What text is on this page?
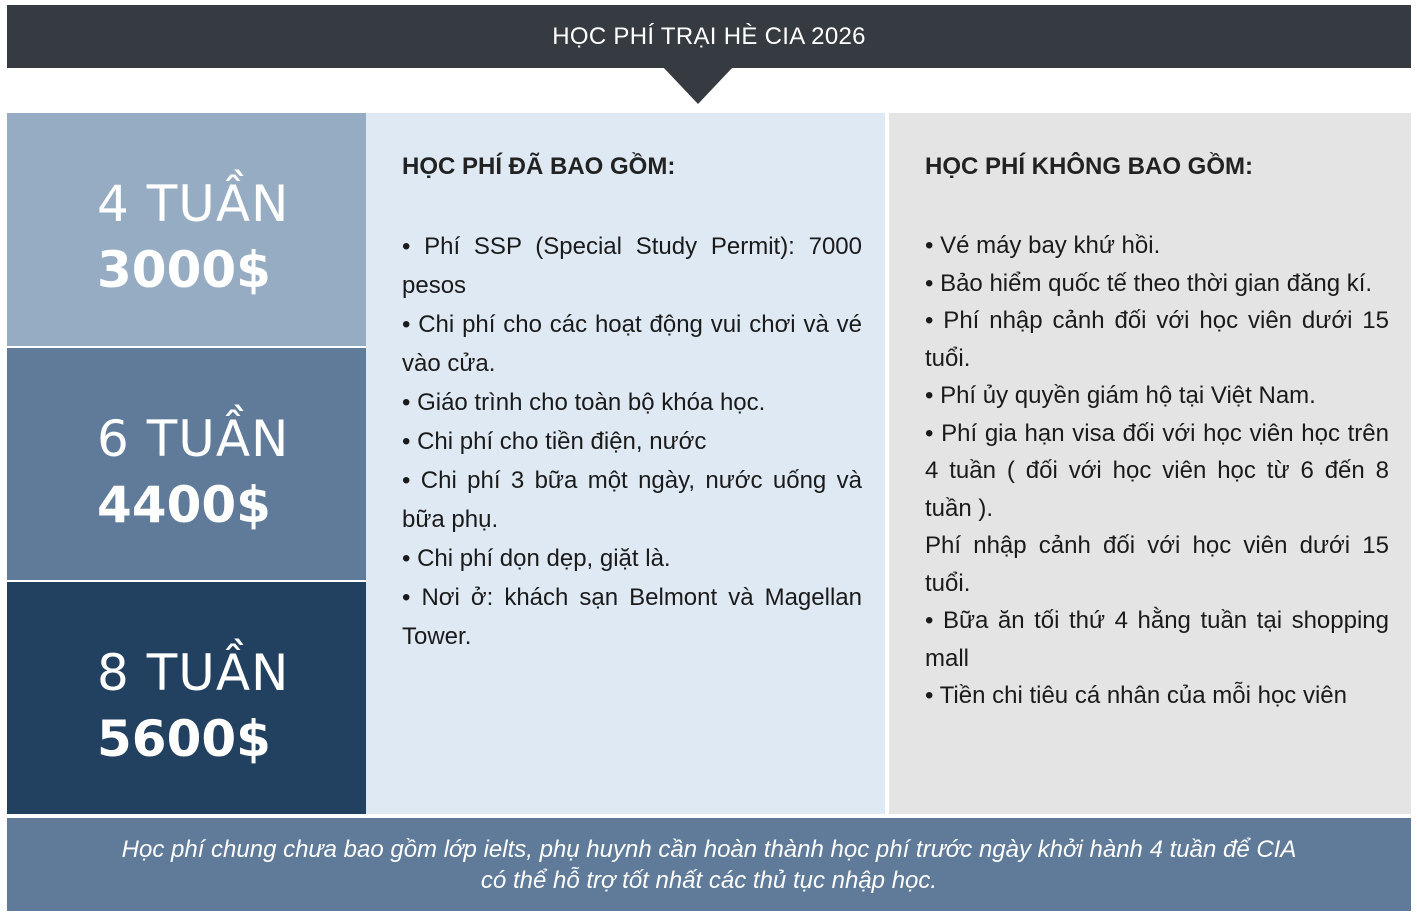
HỌC PHÍ TRẠI HÈ CIA 2026
4 TUẦN
3000$
6 TUẦN
4400$
8 TUẦN
5600$
HỌC PHÍ ĐÃ BAO GỒM:
• Phí SSP (Special Study Permit): 7000 pesos
• Chi phí cho các hoạt động vui chơi và vé vào cửa.
• Giáo trình cho toàn bộ khóa học.
• Chi phí cho tiền điện, nước
• Chi phí 3 bữa một ngày, nước uống và bữa phụ.
• Chi phí dọn dẹp, giặt là.
• Nơi ở: khách sạn Belmont và Magellan Tower.
HỌC PHÍ KHÔNG BAO GỒM:
• Vé máy bay khứ hồi.
• Bảo hiểm quốc tế theo thời gian đăng kí.
• Phí nhập cảnh đối với học viên dưới 15 tuổi.
• Phí ủy quyền giám hộ tại Việt Nam.
• Phí gia hạn visa đối với học viên học trên 4 tuần ( đối với học viên học từ 6 đến 8 tuần ).
Phí nhập cảnh đối với học viên dưới 15 tuổi.
• Bữa ăn tối thứ 4 hằng tuần tại shopping mall
• Tiền chi tiêu cá nhân của mỗi học viên
Học phí chung chưa bao gồm lớp ielts, phụ huynh cần hoàn thành học phí trước ngày khởi hành 4 tuần để CIA
có thể hỗ trợ tốt nhất các thủ tục nhập học.
